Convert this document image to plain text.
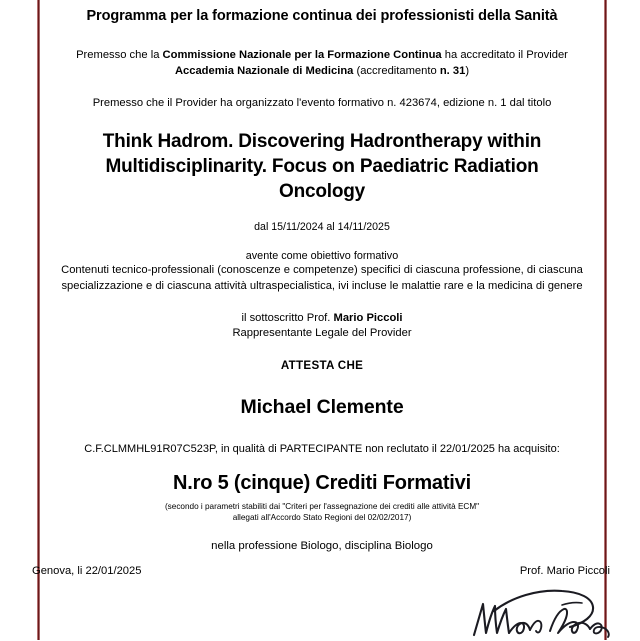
Programma per la formazione continua dei professionisti della Sanità
Premesso che la Commissione Nazionale per la Formazione Continua ha accreditato il Provider
Accademia Nazionale di Medicina (accreditamento n. 31)
Premesso che il Provider ha organizzato l'evento formativo n. 423674, edizione n. 1 dal titolo
Think Hadrom. Discovering Hadrontherapy within Multidisciplinarity. Focus on Paediatric Radiation Oncology
dal 15/11/2024 al 14/11/2025
avente come obiettivo formativo
Contenuti tecnico-professionali (conoscenze e competenze) specifici di ciascuna professione, di ciascuna specializzazione e di ciascuna attività ultraspecialistica, ivi incluse le malattie rare e la medicina di genere
il sottoscritto Prof. Mario Piccoli
Rappresentante Legale del Provider
ATTESTA CHE
Michael Clemente
C.F.CLMMHL91R07C523P, in qualità di PARTECIPANTE non reclutato il 22/01/2025 ha acquisito:
N.ro 5 (cinque) Crediti Formativi
(secondo i parametri stabiliti dai "Criteri per l'assegnazione dei crediti alle attività ECM"
allegati all'Accordo Stato Regioni del 02/02/2017)
nella professione Biologo, disciplina Biologo
Genova, li 22/01/2025	Prof. Mario Piccoli
